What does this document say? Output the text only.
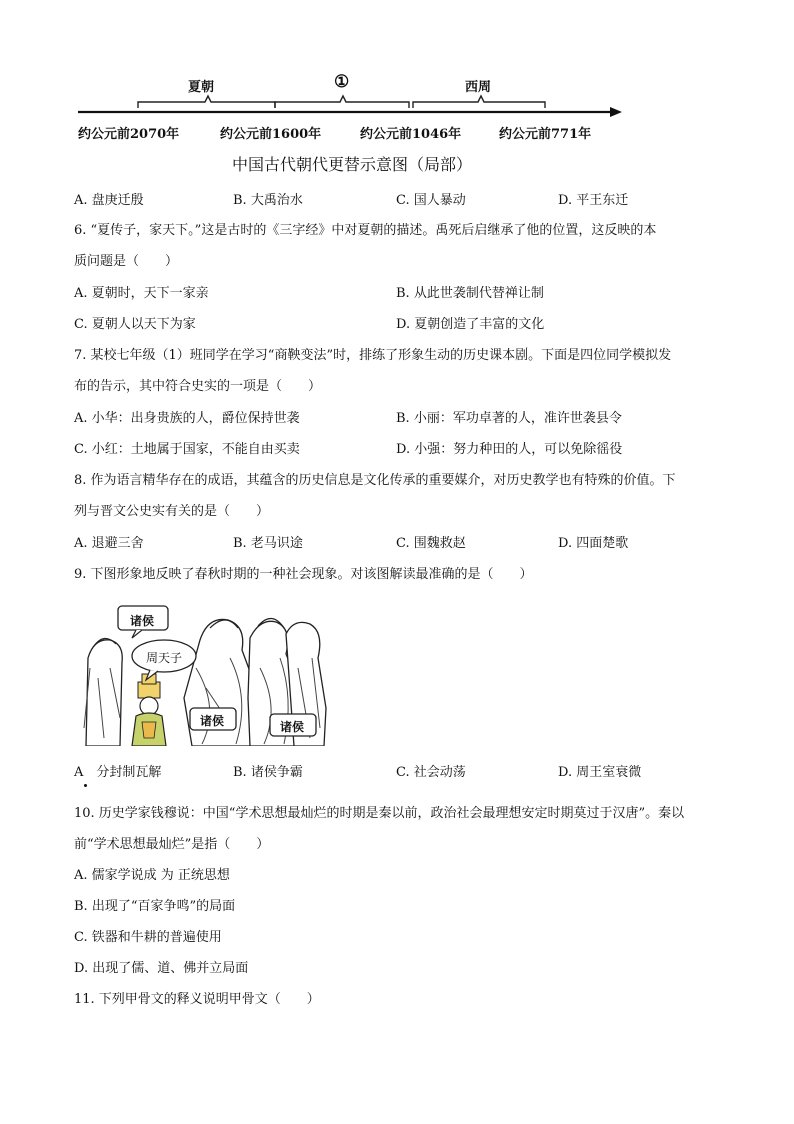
夏朝	①	西周
约公元前2070年	约公元前1600年	约公元前1046年	约公元前771年
中国古代朝代更替示意图（局部）
A. 盘庚迁殷	B. 大禹治水	C. 国人暴动	D. 平王东迁
6. “夏传子，家天下。”这是古时的《三字经》中对夏朝的描述。禹死后启继承了他的位置，这反映的本
质问题是（　　）
A. 夏朝时，天下一家亲	B. 从此世袭制代替禅让制
C. 夏朝人以天下为家	D. 夏朝创造了丰富的文化
7. 某校七年级（1）班同学在学习“商鞅变法”时，排练了形象生动的历史课本剧。下面是四位同学模拟发
布的告示，其中符合史实的一项是（　　）
A. 小华：出身贵族的人，爵位保持世袭	B. 小丽：军功卓著的人，准许世袭县令
C. 小红：土地属于国家，不能自由买卖	D. 小强：努力种田的人，可以免除徭役
8. 作为语言精华存在的成语，其蕴含的历史信息是文化传承的重要媒介，对历史教学也有特殊的价值。下
列与晋文公史实有关的是（　　）
A. 退避三舍	B. 老马识途	C. 围魏救赵	D. 四面楚歌
9. 下图形象地反映了春秋时期的一种社会现象。对该图解读最准确的是（　　）
诸侯
周天子
诸侯	诸侯
A　分封制瓦解	B. 诸侯争霸	C. 社会动荡	D. 周王室衰微
10. 历史学家钱穆说：中国“学术思想最灿烂的时期是秦以前，政治社会最理想安定时期莫过于汉唐”。秦以
前“学术思想最灿烂”是指（　　）
A. 儒家学说成 为 正统思想
B. 出现了“百家争鸣”的局面
C. 铁器和牛耕的普遍使用
D. 出现了儒、道、佛并立局面
11. 下列甲骨文的释义说明甲骨文（　　）
